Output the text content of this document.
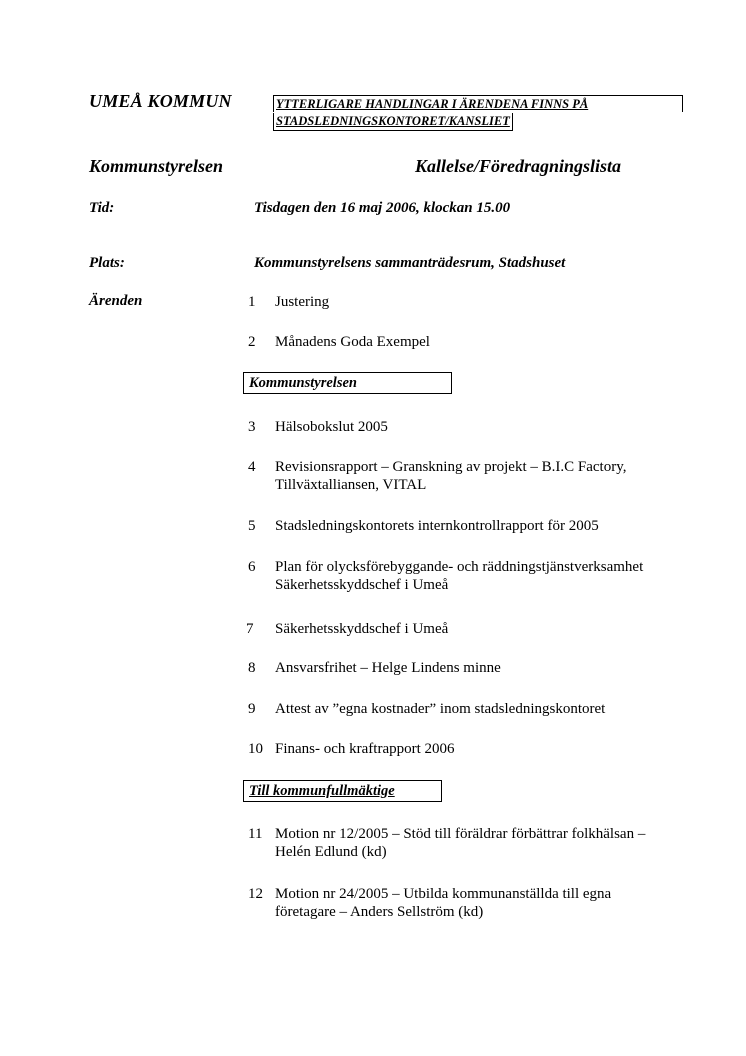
UMEÅ KOMMUN	YTTERLIGARE HANDLINGAR I ÄRENDENA FINNS PÅ
STADSLEDNINGSKONTORET/KANSLIET
Kommunstyrelsen	Kallelse/Föredragningslista
Tid:	Tisdagen den 16 maj 2006, klockan 15.00
Plats:	Kommunstyrelsens sammanträdesrum, Stadshuset
Ärenden	1 Justering
2 Månadens Goda Exempel
Kommunstyrelsen
3 Hälsobokslut 2005
4 Revisionsrapport – Granskning av projekt – B.I.C Factory,
Tillväxtalliansen, VITAL
5 Stadsledningskontorets internkontrollrapport för 2005
6 Plan för olycksförebyggande- och räddningstjänstverksamhet
Säkerhetsskyddschef i Umeå
7 Säkerhetsskyddschef i Umeå
8 Ansvarsfrihet – Helge Lindens minne
9 Attest av ”egna kostnader” inom stadsledningskontoret
10 Finans- och kraftrapport 2006
Till kommunfullmäktige
11 Motion nr 12/2005 – Stöd till föräldrar förbättrar folkhälsan –
Helén Edlund (kd)
12 Motion nr 24/2005 – Utbilda kommunanställda till egna
företagare – Anders Sellström (kd)
